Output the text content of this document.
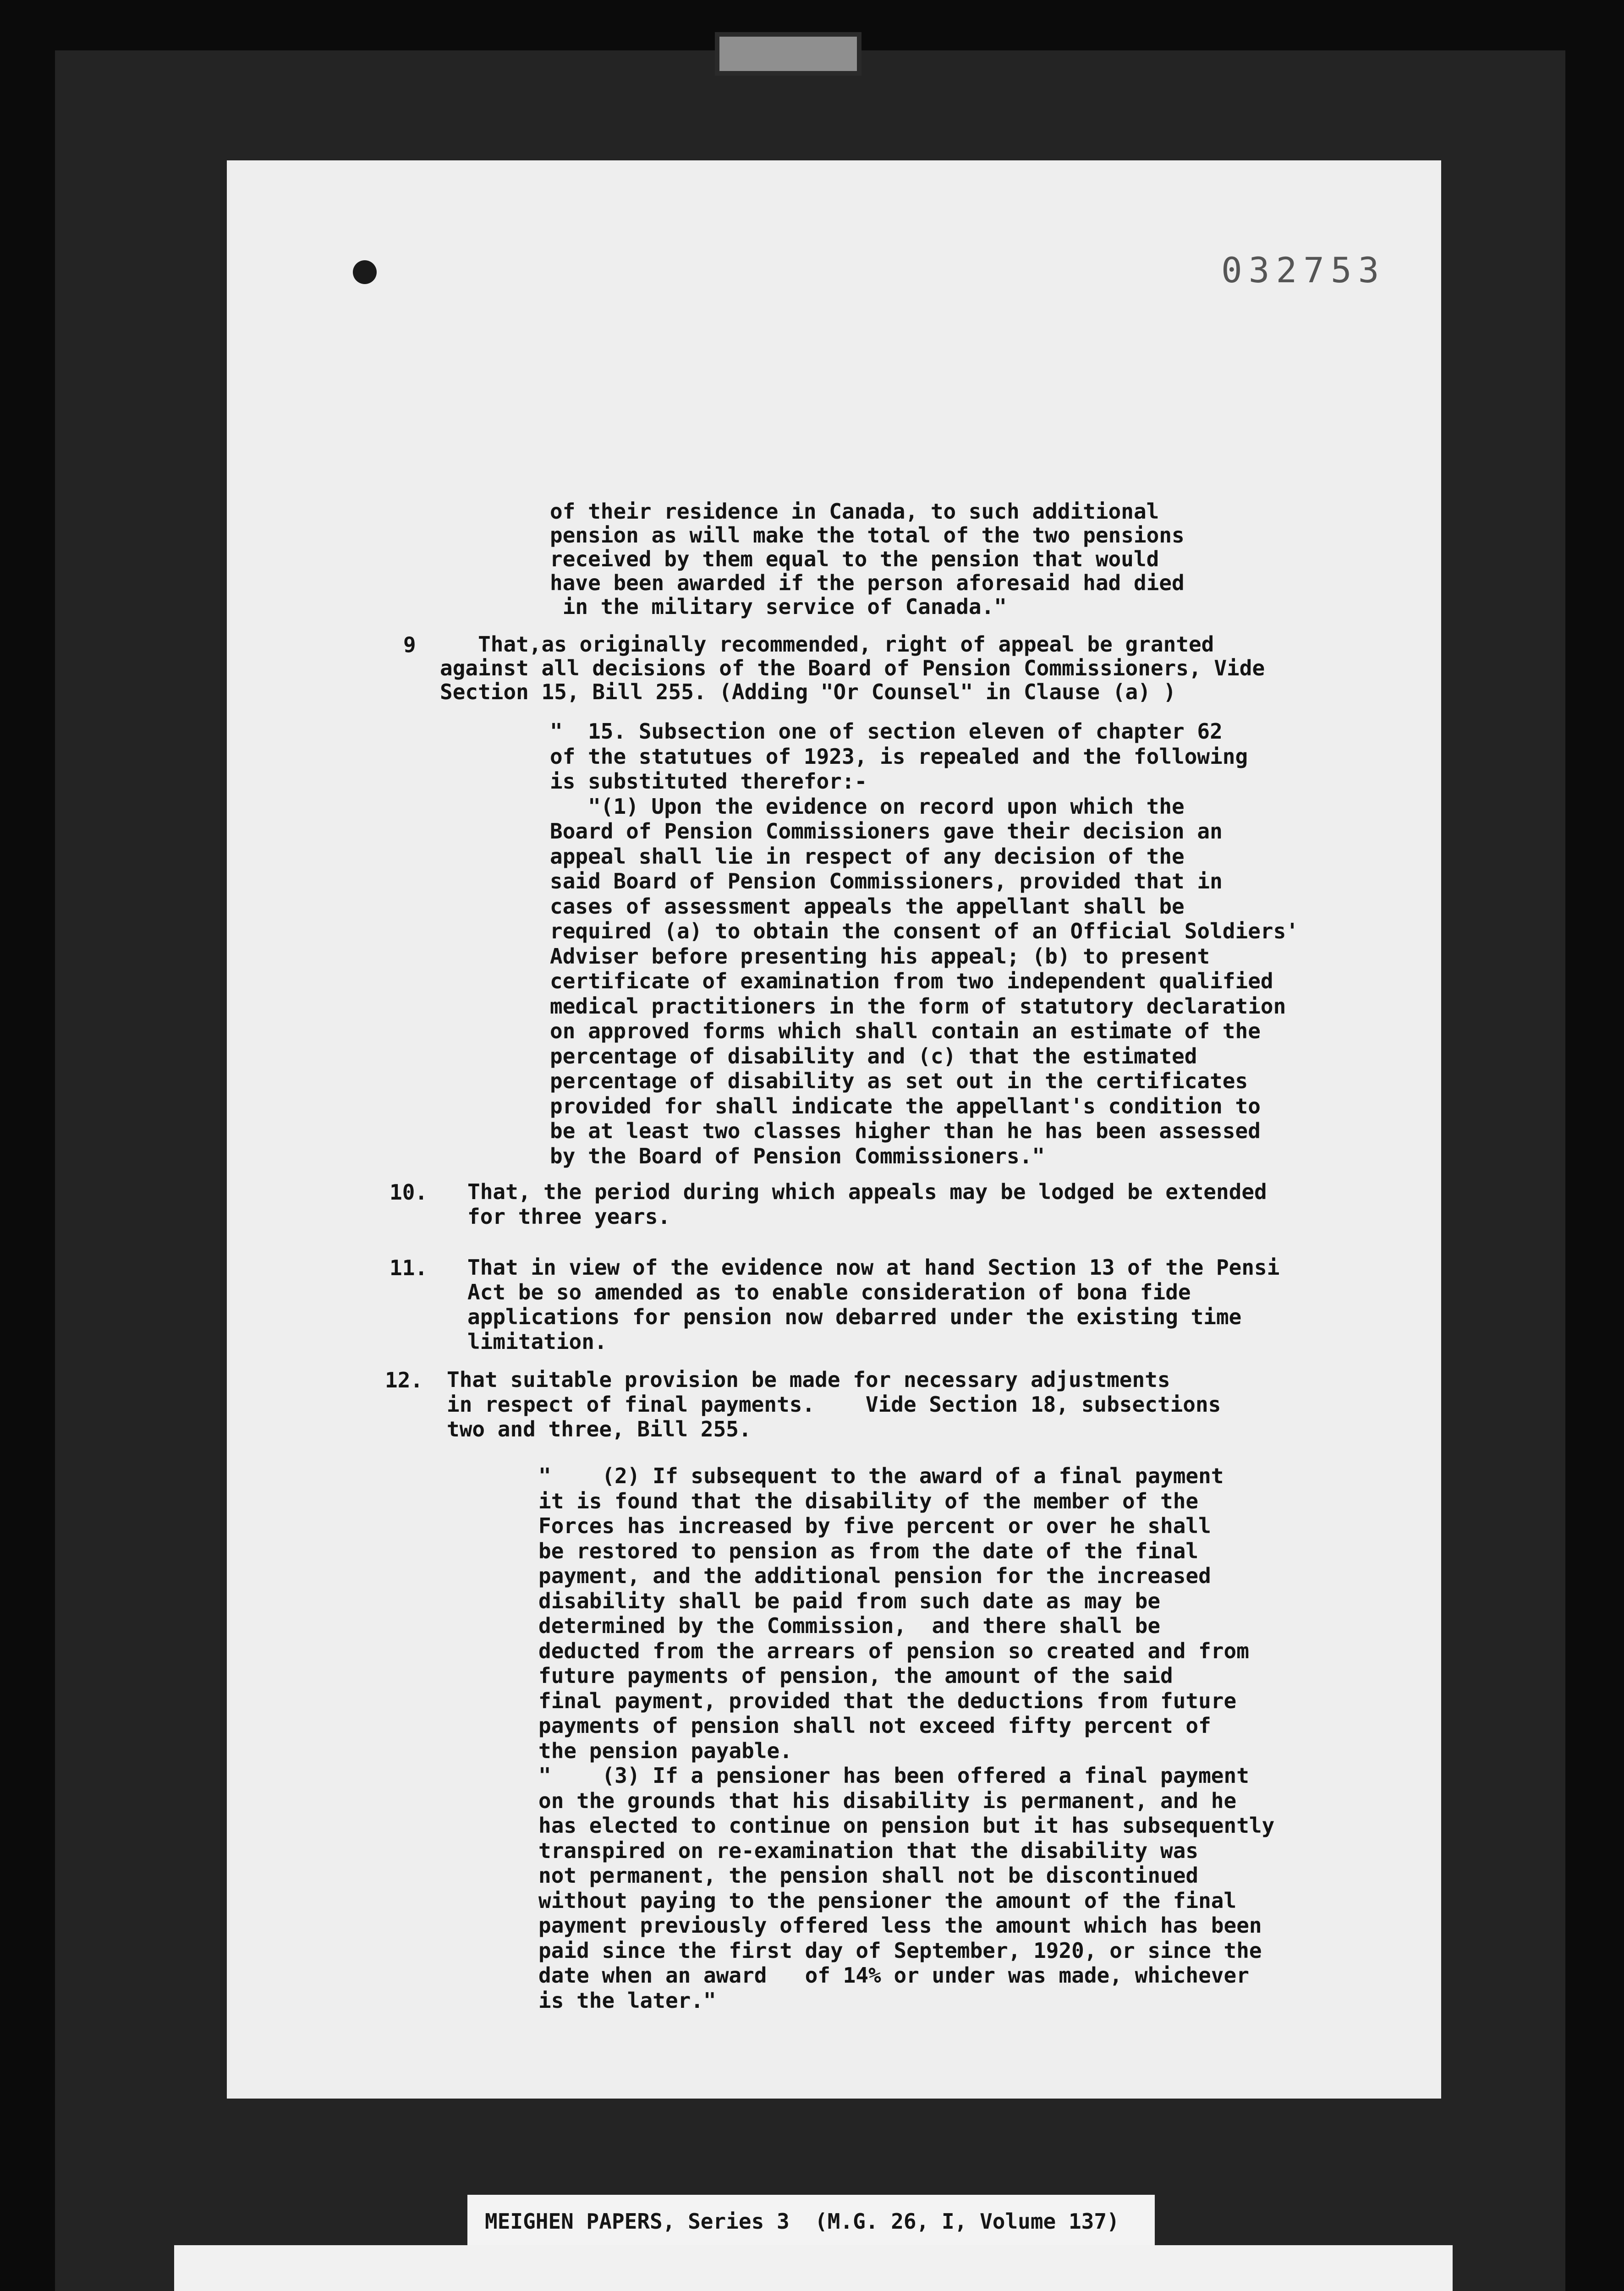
032753
of their residence in Canada, to such additional
pension as will make the total of the two pensions
received by them equal to the pension that would
have been awarded if the person aforesaid had died
in the military service of Canada."
9 That,as originally recommended, right of appeal be granted
against all decisions of the Board of Pension Commissioners, Vide
Section 15, Bill 255. (Adding "Or Counsel" in Clause (a) )
"  15. Subsection one of section eleven of chapter 62
of the statutues of 1923, is repealed and the following
is substituted therefor:-
"(1) Upon the evidence on record upon which the
Board of Pension Commissioners gave their decision an
appeal shall lie in respect of any decision of the
said Board of Pension Commissioners, provided that in
cases of assessment appeals the appellant shall be
required (a) to obtain the consent of an Official Soldiers'
Adviser before presenting his appeal; (b) to present
certificate of examination from two independent qualified
medical practitioners in the form of statutory declaration
on approved forms which shall contain an estimate of the
percentage of disability and (c) that the estimated
percentage of disability as set out in the certificates
provided for shall indicate the appellant's condition to
be at least two classes higher than he has been assessed
by the Board of Pension Commissioners."
10. That, the period during which appeals may be lodged be extended
for three years.
11. That in view of the evidence now at hand Section 13 of the Pensi
Act be so amended as to enable consideration of bona fide
applications for pension now debarred under the existing time
limitation.
12. That suitable provision be made for necessary adjustments
in respect of final payments.    Vide Section 18, subsections
two and three, Bill 255.
"    (2) If subsequent to the award of a final payment
it is found that the disability of the member of the
Forces has increased by five percent or over he shall
be restored to pension as from the date of the final
payment, and the additional pension for the increased
disability shall be paid from such date as may be
determined by the Commission,  and there shall be
deducted from the arrears of pension so created and from
future payments of pension, the amount of the said
final payment, provided that the deductions from future
payments of pension shall not exceed fifty percent of
the pension payable.
"    (3) If a pensioner has been offered a final payment
on the grounds that his disability is permanent, and he
has elected to continue on pension but it has subsequently
transpired on re-examination that the disability was
not permanent, the pension shall not be discontinued
without paying to the pensioner the amount of the final
payment previously offered less the amount which has been
paid since the first day of September, 1920, or since the
date when an award   of 14% or under was made, whichever
is the later."
MEIGHEN PAPERS, Series 3  (M.G. 26, I, Volume 137)
